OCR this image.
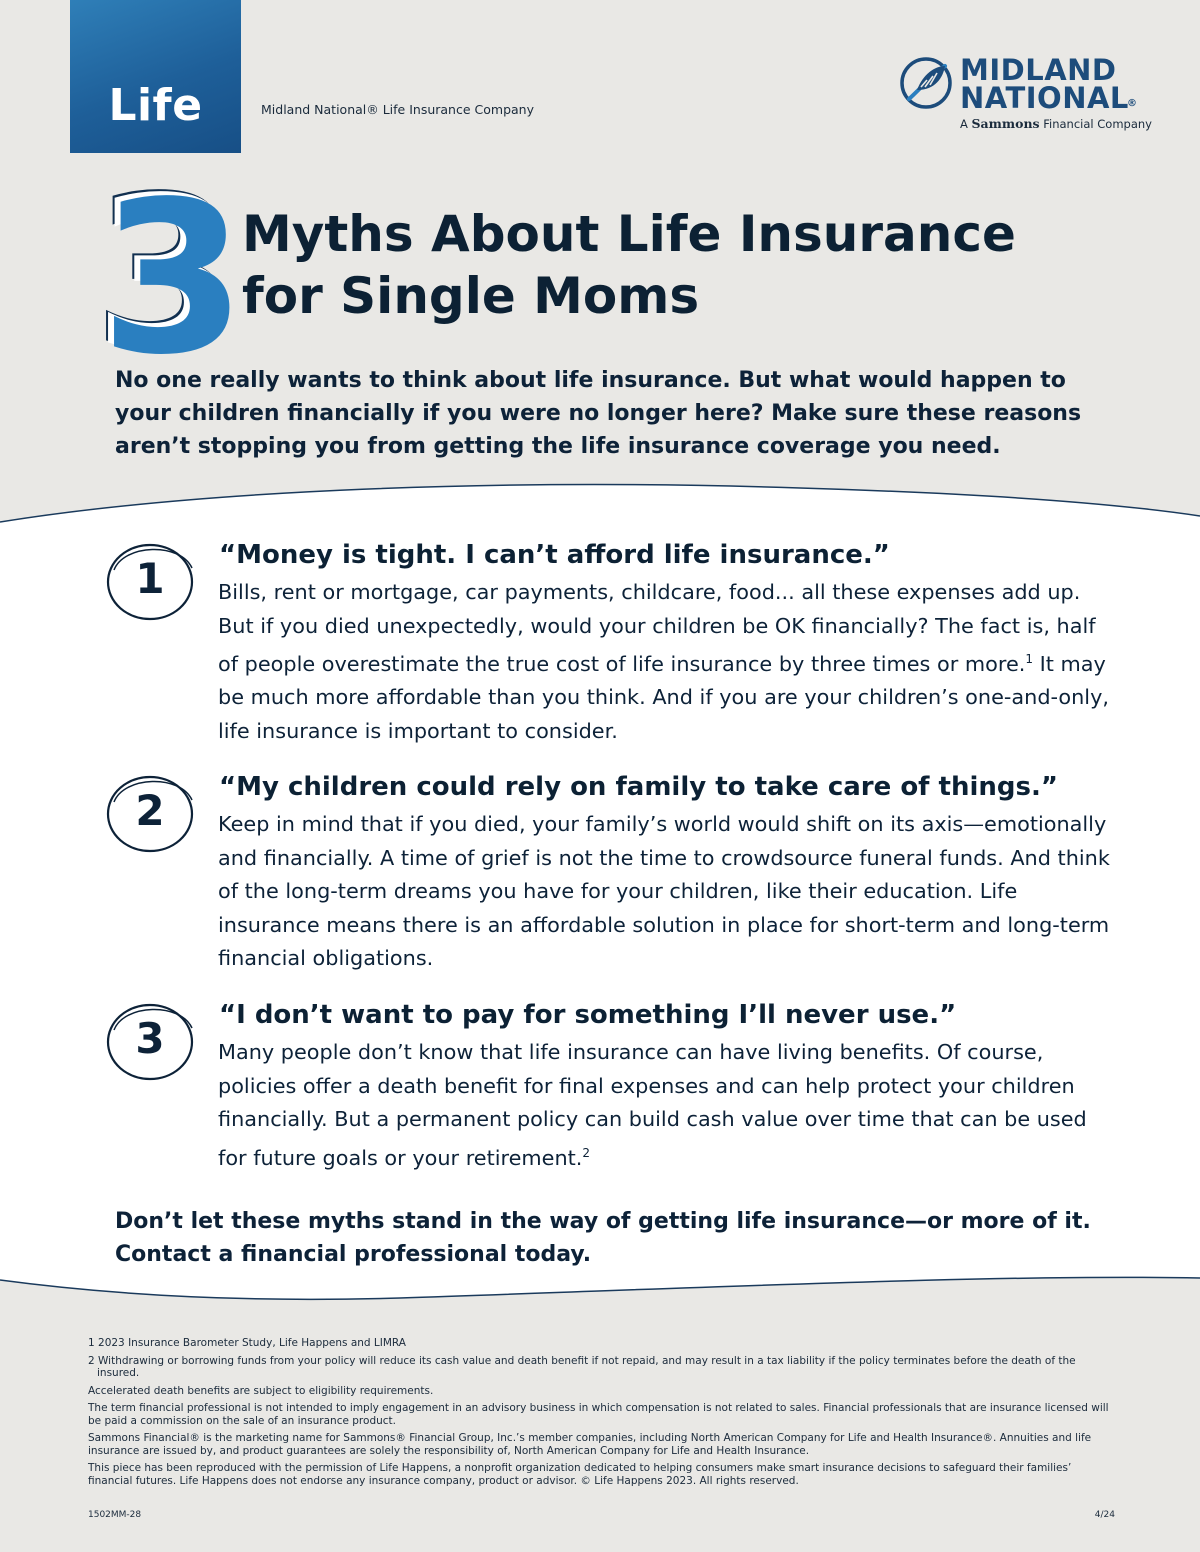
Life	Midland National® Life Insurance Company
MIDLAND
NATIONAL
®
A Sammons Financial Company
3
Myths About Life Insurance
for Single Moms

No one really wants to think about life insurance. But what would happen to your children financially if you were no longer here? Make sure these reasons aren’t stopping you from getting the life insurance coverage you need.

1	“Money is tight. I can’t afford life insurance.”

Bills, rent or mortgage, car payments, childcare, food... all these expenses add up. But if you died unexpectedly, would your children be OK financially? The fact is, half of people overestimate the true cost of life insurance by three times or more.$^1$ It may be much more affordable than you think. And if you are your children’s one-and-only, life insurance is important to consider.

2	“My children could rely on family to take care of things.”

Keep in mind that if you died, your family’s world would shift on its axis—emotionally and financially. A time of grief is not the time to crowdsource funeral funds. And think of the long-term dreams you have for your children, like their education. Life insurance means there is an affordable solution in place for short-term and long-term financial obligations.

3	“I don’t want to pay for something I’ll never use.”

Many people don’t know that life insurance can have living benefits. Of course, policies offer a death benefit for final expenses and can help protect your children financially. But a permanent policy can build cash value over time that can be used for future goals or your retirement.$^2$

Don’t let these myths stand in the way of getting life insurance—or more of it.
Contact a financial professional today.

1 2023 Insurance Barometer Study, Life Happens and LIMRA

2 Withdrawing or borrowing funds from your policy will reduce its cash value and death benefit if not repaid, and may result in a tax liability if the policy terminates before the death of the insured.

Accelerated death benefits are subject to eligibility requirements.

The term financial professional is not intended to imply engagement in an advisory business in which compensation is not related to sales. Financial professionals that are insurance licensed will be paid a commission on the sale of an insurance product.

Sammons Financial® is the marketing name for Sammons® Financial Group, Inc.’s member companies, including North American Company for Life and Health Insurance®. Annuities and life insurance are issued by, and product guarantees are solely the responsibility of, North American Company for Life and Health Insurance.

This piece has been reproduced with the permission of Life Happens, a nonprofit organization dedicated to helping consumers make smart insurance decisions to safeguard their families’ financial futures. Life Happens does not endorse any insurance company, product or advisor. © Life Happens 2023. All rights reserved.

1502MM-28	4/24
